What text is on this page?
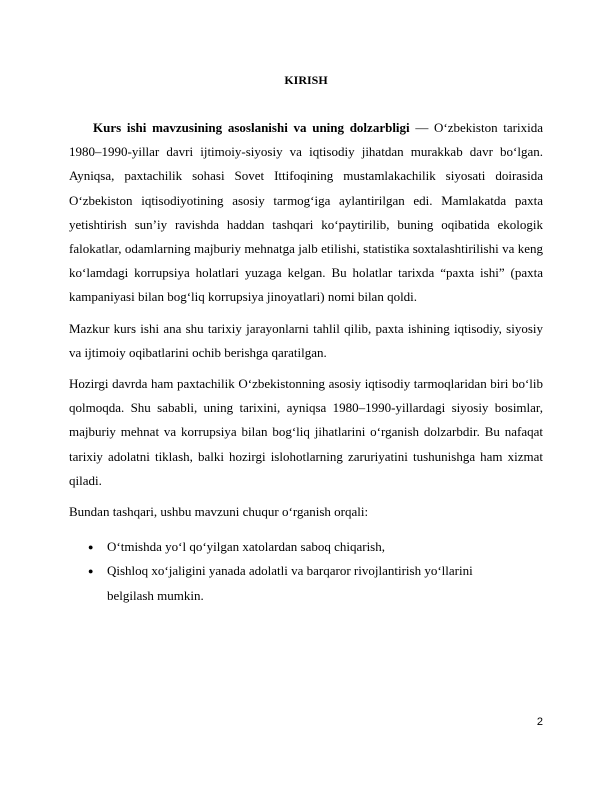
KIRISH

Kurs ishi mavzusining asoslanishi va uning dolzarbligi — O‘zbekiston tarixida 1980–1990-yillar davri ijtimoiy-siyosiy va iqtisodiy jihatdan murakkab davr bo‘lgan. Ayniqsa, paxtachilik sohasi Sovet Ittifoqining mustamlakachilik siyosati doirasida O‘zbekiston iqtisodiyotining asosiy tarmog‘iga aylantirilgan edi. Mamlakatda paxta yetishtirish sun’iy ravishda haddan tashqari ko‘paytirilib, buning oqibatida ekologik falokatlar, odamlarning majburiy mehnatga jalb etilishi, statistika soxtalashtirilishi va keng ko‘lamdagi korrupsiya holatlari yuzaga kelgan. Bu holatlar tarixda “paxta ishi” (paxta kampaniyasi bilan bog‘liq korrupsiya jinoyatlari) nomi bilan qoldi.

Mazkur kurs ishi ana shu tarixiy jarayonlarni tahlil qilib, paxta ishining iqtisodiy, siyosiy va ijtimoiy oqibatlarini ochib berishga qaratilgan.

Hozirgi davrda ham paxtachilik O‘zbekistonning asosiy iqtisodiy tarmoqlaridan biri bo‘lib qolmoqda. Shu sababli, uning tarixini, ayniqsa 1980–1990-yillardagi siyosiy bosimlar, majburiy mehnat va korrupsiya bilan bog‘liq jihatlarini o‘rganish dolzarbdir. Bu nafaqat tarixiy adolatni tiklash, balki hozirgi islohotlarning zaruriyatini tushunishga ham xizmat qiladi.

Bundan tashqari, ushbu mavzuni chuqur o‘rganish orqali:

● O‘tmishda yo‘l qo‘yilgan xatolardan saboq chiqarish,
● Qishloq xo‘jaligini yanada adolatli va barqaror rivojlantirish yo‘llarini belgilash mumkin.
2
